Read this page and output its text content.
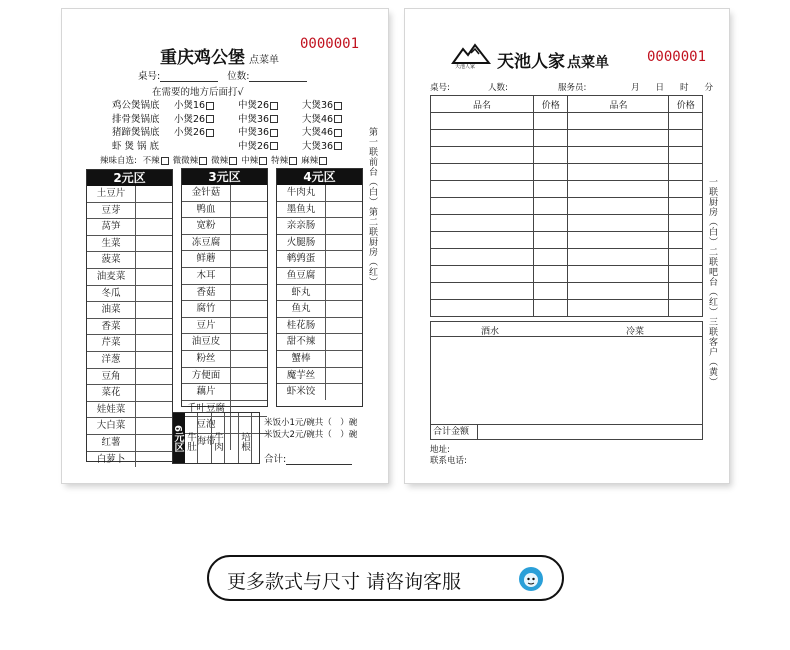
重庆鸡公堡 点菜单
0000001
桌号:	位数:
在需要的地方后面打√
鸡公煲锅底	小煲16	中煲26	大煲36
排骨煲锅底	小煲26	中煲36	大煲46
猪蹄煲锅底	小煲26	中煲36	大煲46
虾 煲 锅 底	中煲26	大煲36
辣味自选: 不辣 微微辣 微辣 中辣 特辣 麻辣	第一联前台（白）第二联厨房（红）
2元区
土豆片
豆芽
莴笋
生菜
菠菜
油麦菜
冬瓜
油菜
香菜
芹菜
洋葱
豆角
菜花
娃娃菜
大白菜
红薯
白萝卜
3元区
金针菇
鸭血
宽粉
冻豆腐
鲜蘑
木耳
香菇
腐竹
豆片
油豆皮
粉丝
方便面
藕片
千叶豆腐
豆泡
海带
4元区
牛肉丸
墨鱼丸
亲亲肠
火腿肠
鹌鹑蛋
鱼豆腐
虾丸
鱼丸
桂花肠
甜不辣
蟹棒
魔芋丝
虾米饺
6元区 牛肚 牛肉 培根
米饭小1元/碗共（　）碗
米饭大2元/碗共（　）碗
合计:
天池人家 天池人家 点菜单	0000001
桌号:	人数:	服务员:	月 日 时 分
品名	价格	品名	价格

酒水	冷菜
合计金额
地址:
联系电话:
一联厨房（白）二联吧台（红）三联客户（黄）
更多款式与尺寸 请咨询客服
